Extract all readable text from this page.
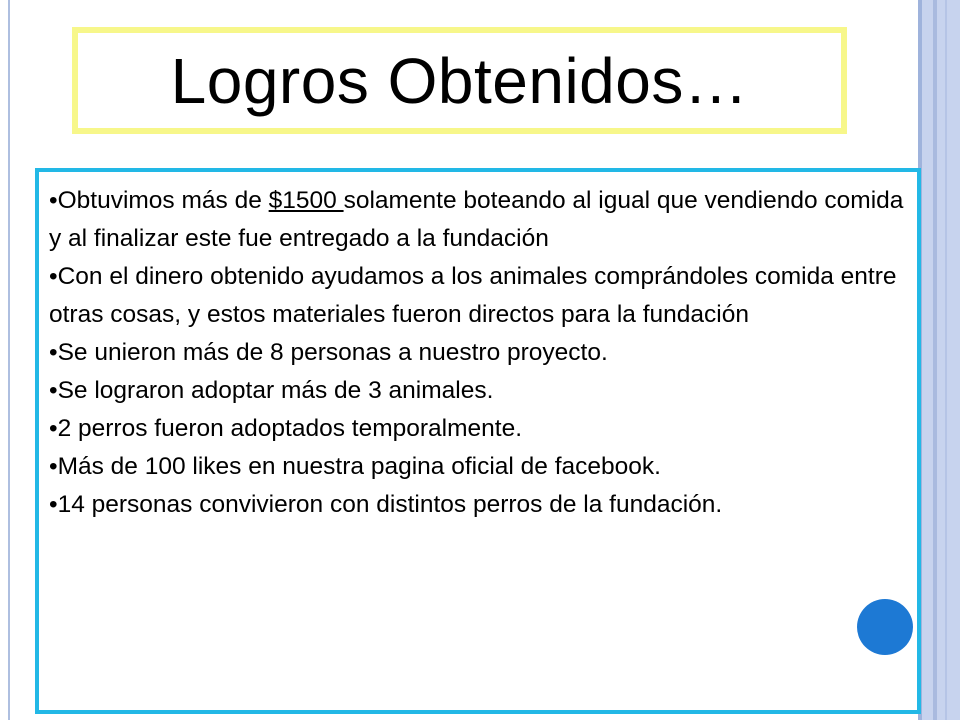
Logros Obtenidos…
•Obtuvimos más de $1500 solamente boteando al igual que vendiendo comida y al finalizar este fue entregado a la fundación
•Con el dinero obtenido ayudamos a los animales comprándoles comida entre otras cosas, y estos materiales fueron directos para la fundación
•Se unieron más de 8 personas a nuestro proyecto.
•Se lograron adoptar más de 3 animales.
•2 perros fueron adoptados temporalmente.
•Más de 100 likes en nuestra pagina oficial de facebook.
•14 personas convivieron con distintos perros de la fundación.
